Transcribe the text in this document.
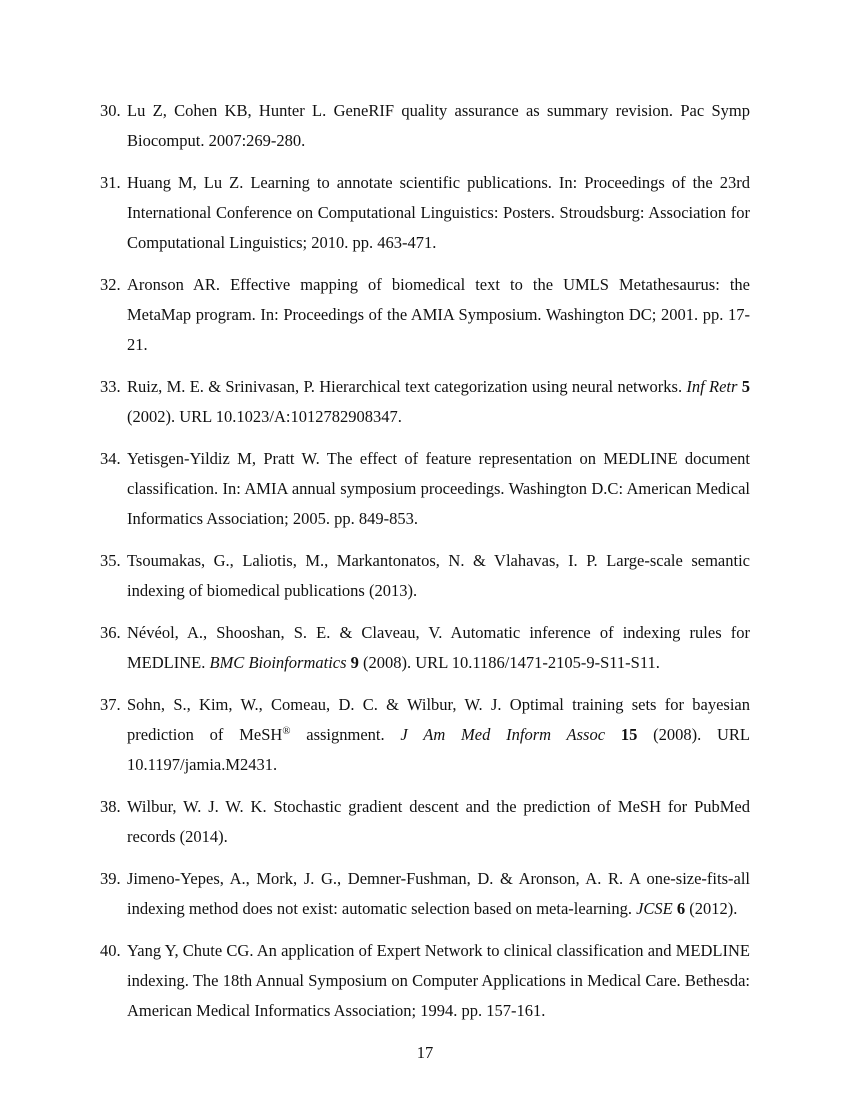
30. Lu Z, Cohen KB, Hunter L. GeneRIF quality assurance as summary revision. Pac Symp Biocomput. 2007:269-280.
31. Huang M, Lu Z. Learning to annotate scientific publications. In: Proceedings of the 23rd International Conference on Computational Linguistics: Posters. Stroudsburg: Association for Computational Linguistics; 2010. pp. 463-471.
32. Aronson AR. Effective mapping of biomedical text to the UMLS Metathesaurus: the MetaMap program. In: Proceedings of the AMIA Symposium. Washington DC; 2001. pp. 17-21.
33. Ruiz, M. E. & Srinivasan, P. Hierarchical text categorization using neural networks. Inf Retr 5 (2002). URL 10.1023/A:1012782908347.
34. Yetisgen-Yildiz M, Pratt W. The effect of feature representation on MEDLINE document classification. In: AMIA annual symposium proceedings. Washington D.C: American Medical Informatics Association; 2005. pp. 849-853.
35. Tsoumakas, G., Laliotis, M., Markantonatos, N. & Vlahavas, I. P. Large-scale semantic indexing of biomedical publications (2013).
36. Névéol, A., Shooshan, S. E. & Claveau, V. Automatic inference of indexing rules for MEDLINE. BMC Bioinformatics 9 (2008). URL 10.1186/1471-2105-9-S11-S11.
37. Sohn, S., Kim, W., Comeau, D. C. & Wilbur, W. J. Optimal training sets for bayesian prediction of MeSH® assignment. J Am Med Inform Assoc 15 (2008). URL 10.1197/jamia.M2431.
38. Wilbur, W. J. W. K. Stochastic gradient descent and the prediction of MeSH for PubMed records (2014).
39. Jimeno-Yepes, A., Mork, J. G., Demner-Fushman, D. & Aronson, A. R. A one-size-fits-all indexing method does not exist: automatic selection based on meta-learning. JCSE 6 (2012).
40. Yang Y, Chute CG. An application of Expert Network to clinical classification and MEDLINE indexing. The 18th Annual Symposium on Computer Applications in Medical Care. Bethesda: American Medical Informatics Association; 1994. pp. 157-161.
17
